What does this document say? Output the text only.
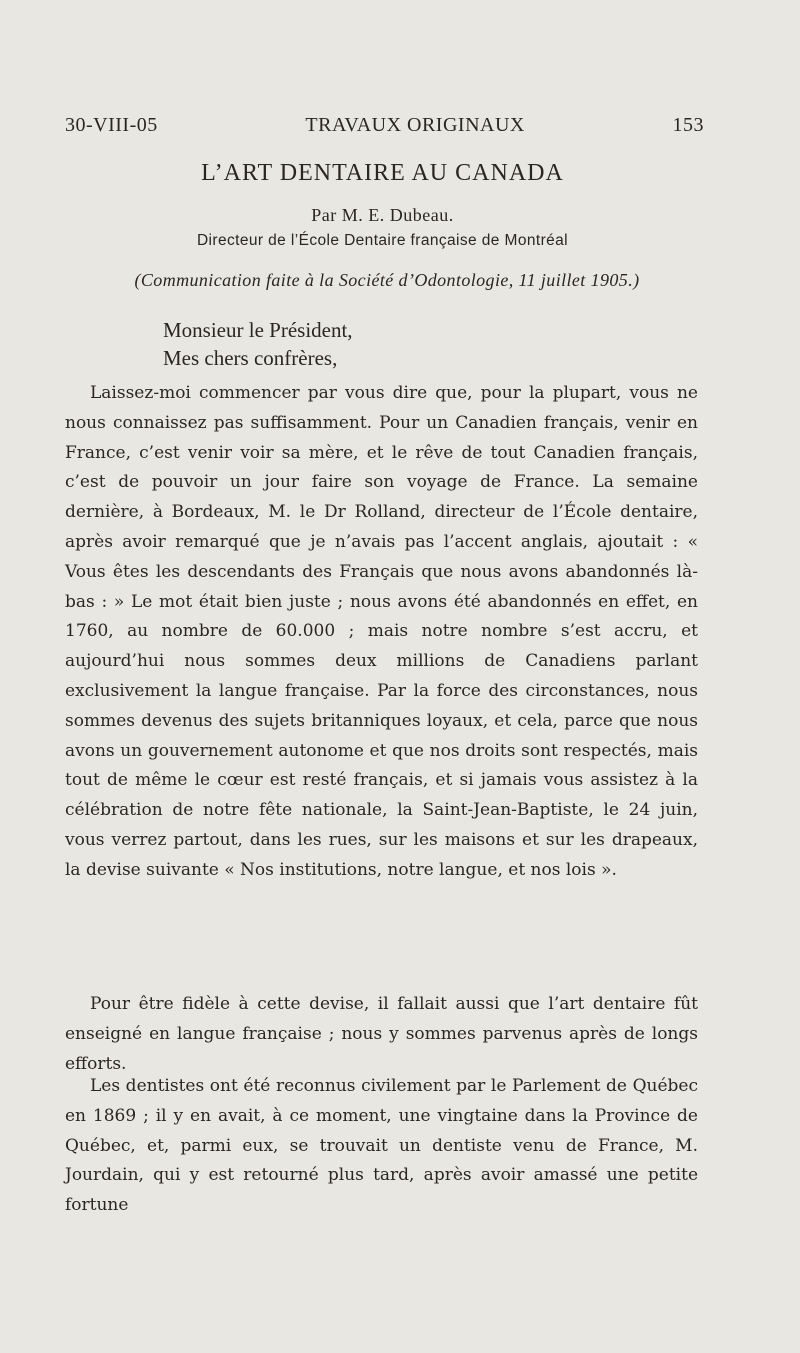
30-VIII-05	TRAVAUX ORIGINAUX	153
L’ART DENTAIRE AU CANADA
Par M. E. Dubeau.
Directeur de l’École Dentaire française de Montréal
(Communication faite à la Société d’Odontologie, 11 juillet 1905.)
Monsieur le Président,
Mes chers confrères,

Laissez-moi commencer par vous dire que, pour la plupart, vous ne nous connaissez pas suffisamment. Pour un Canadien français, venir en France, c’est venir voir sa mère, et le rêve de tout Canadien français, c’est de pouvoir un jour faire son voyage de France. La semaine dernière, à Bordeaux, M. le Dr Rolland, directeur de l’École dentaire, après avoir remarqué que je n’avais pas l’accent anglais, ajoutait : « Vous êtes les descendants des Français que nous avons abandonnés là-bas : » Le mot était bien juste ; nous avons été abandonnés en effet, en 1760, au nombre de 60.000 ; mais notre nombre s’est accru, et aujourd’hui nous sommes deux millions de Canadiens parlant exclusivement la langue française. Par la force des circonstances, nous sommes devenus des sujets britanniques loyaux, et cela, parce que nous avons un gouvernement autonome et que nos droits sont respectés, mais tout de même le cœur est resté français, et si jamais vous assistez à la célébration de notre fête nationale, la Saint-Jean-Baptiste, le 24 juin, vous verrez partout, dans les rues, sur les maisons et sur les drapeaux, la devise suivante « Nos institutions, notre langue, et nos lois ».

Pour être fidèle à cette devise, il fallait aussi que l’art dentaire fût enseigné en langue française ; nous y sommes parvenus après de longs efforts.

Les dentistes ont été reconnus civilement par le Parlement de Québec en 1869 ; il y en avait, à ce moment, une vingtaine dans la Province de Québec, et, parmi eux, se trouvait un dentiste venu de France, M. Jourdain, qui y est retourné plus tard, après avoir amassé une petite fortune
